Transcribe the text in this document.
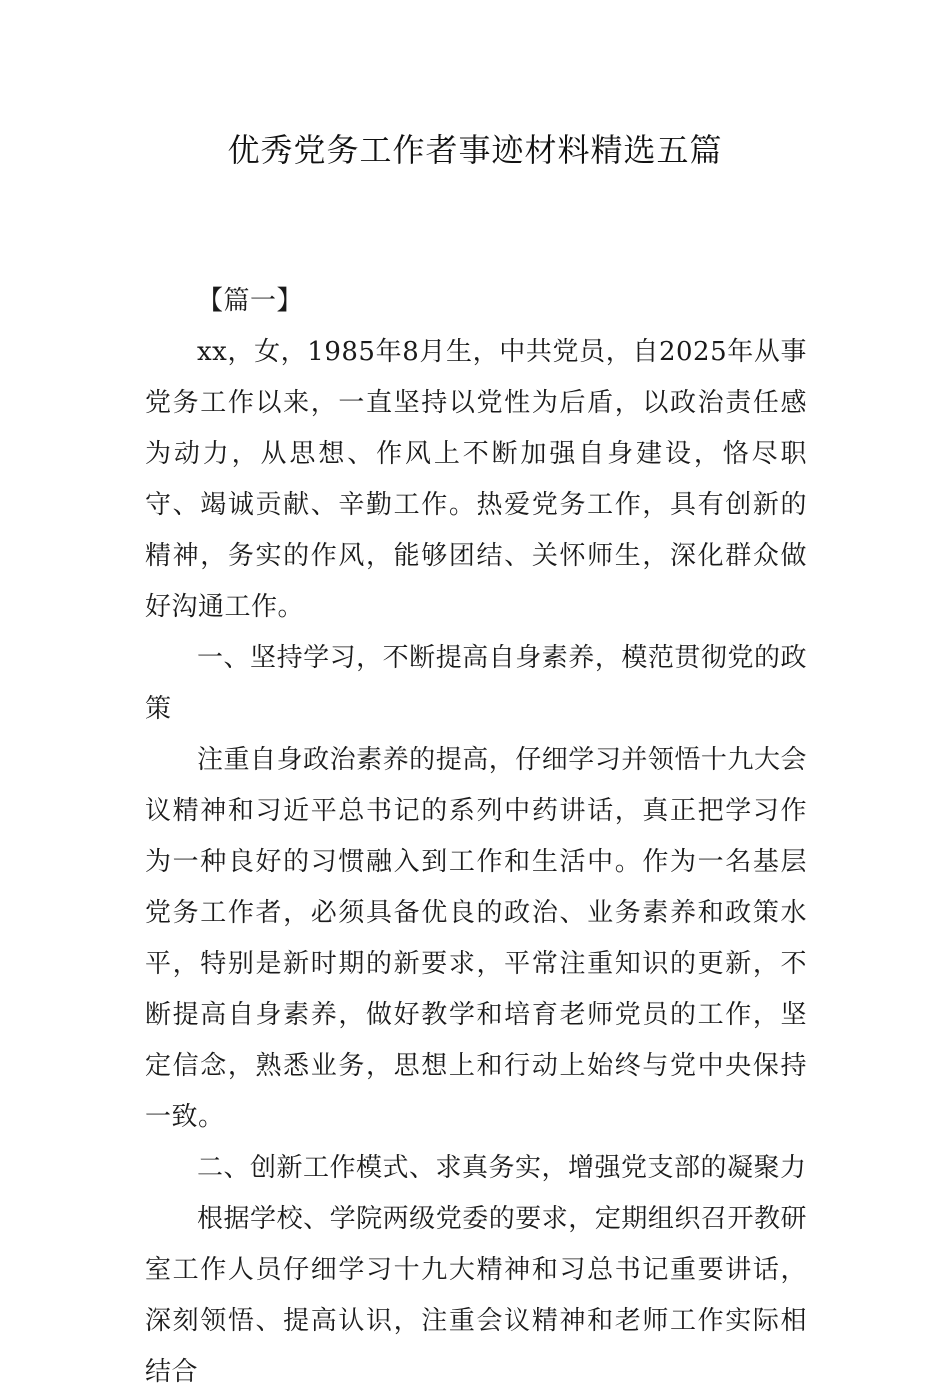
优秀党务工作者事迹材料精选五篇

【篇一】

xx，女，1985年8月生，中共党员，自2025年从事党务工作以来，一直坚持以党性为后盾，以政治责任感为动力，从思想、作风上不断加强自身建设，恪尽职守、竭诚贡献、辛勤工作。热爱党务工作，具有创新的精神，务实的作风，能够团结、关怀师生，深化群众做好沟通工作。

一、坚持学习，不断提高自身素养，模范贯彻党的政策

注重自身政治素养的提高，仔细学习并领悟十九大会议精神和习近平总书记的系列中药讲话，真正把学习作为一种良好的习惯融入到工作和生活中。作为一名基层党务工作者，必须具备优良的政治、业务素养和政策水平，特别是新时期的新要求，平常注重知识的更新，不断提高自身素养，做好教学和培育老师党员的工作，坚定信念，熟悉业务，思想上和行动上始终与党中央保持一致。

二、创新工作模式、求真务实，增强党支部的凝聚力

根据学校、学院两级党委的要求，定期组织召开教研室工作人员仔细学习十九大精神和习总书记重要讲话，深刻领悟、提高认识，注重会议精神和老师工作实际相结合
